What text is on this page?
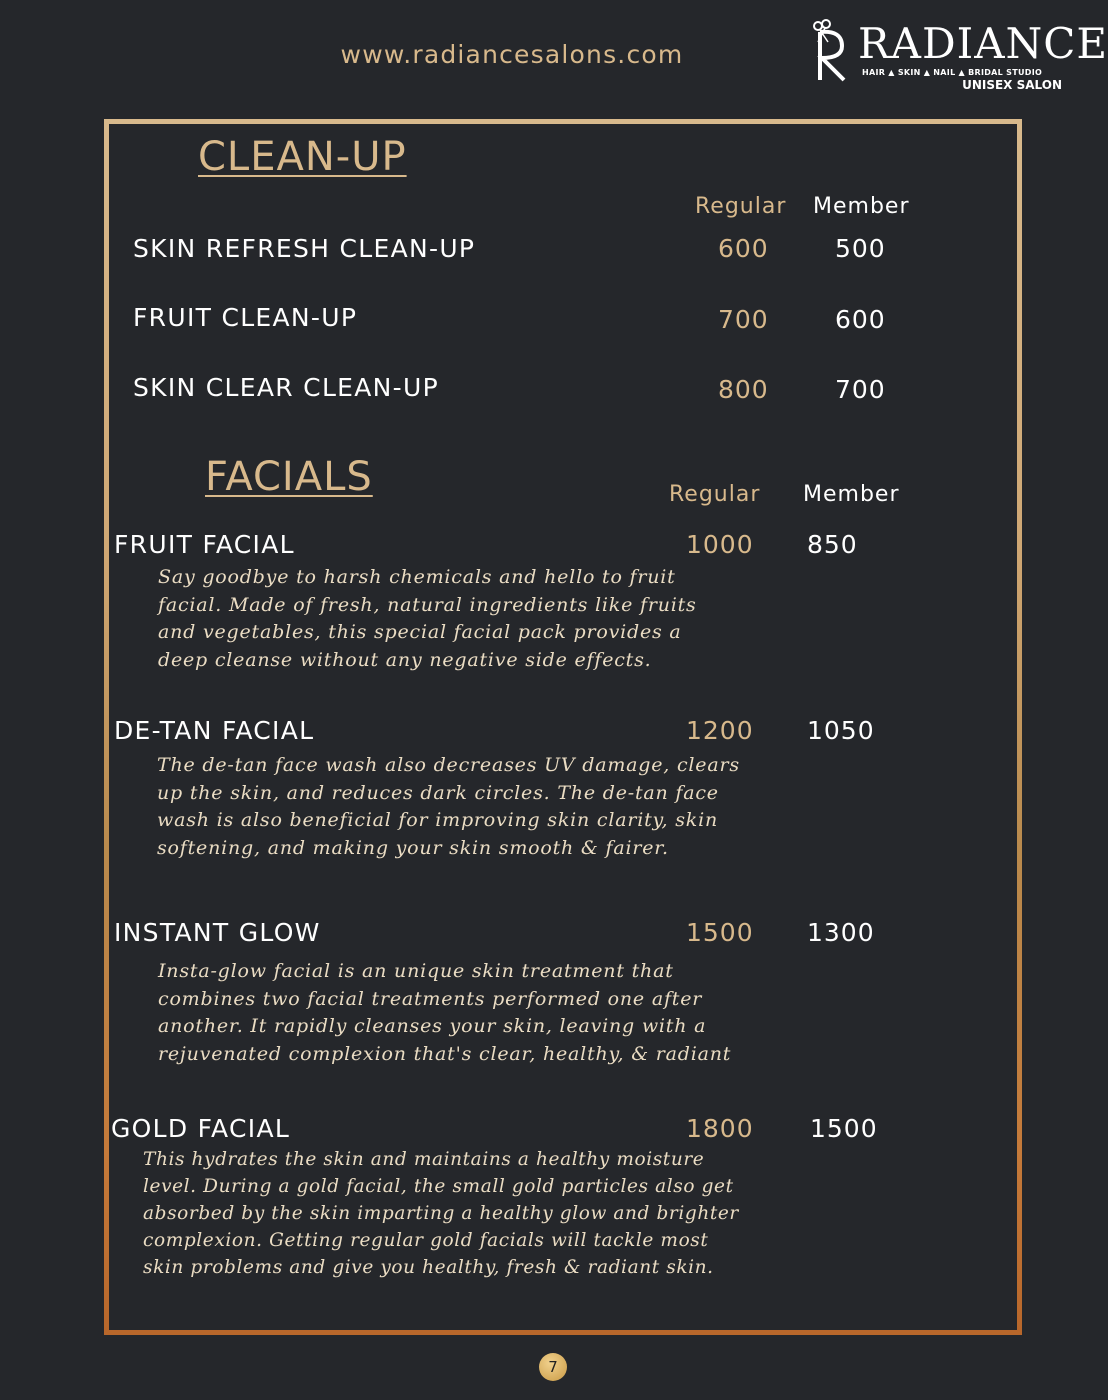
www.radiancesalons.com	RADIANCE
HAIR ▲ SKIN ▲ NAIL ▲ BRIDAL STUDIO
UNISEX SALON
CLEAN-UP
Regular Member
SKIN REFRESH CLEAN-UP	600	500
FRUIT CLEAN-UP	700	600
SKIN CLEAR CLEAN-UP	800	700
FACIALS	Regular Member
FRUIT FACIAL	1000 850
Say goodbye to harsh chemicals and hello to fruit
facial. Made of fresh, natural ingredients like fruits
and vegetables, this special facial pack provides a
deep cleanse without any negative side effects.
DE-TAN FACIAL	1200 1050
The de-tan face wash also decreases UV damage, clears
up the skin, and reduces dark circles. The de-tan face
wash is also beneficial for improving skin clarity, skin
softening, and making your skin smooth & fairer.
INSTANT GLOW	1500 1300
Insta-glow facial is an unique skin treatment that
combines two facial treatments performed one after
another. It rapidly cleanses your skin, leaving with a
rejuvenated complexion that's clear, healthy, & radiant
GOLD FACIAL	1800 1500
This hydrates the skin and maintains a healthy moisture
level. During a gold facial, the small gold particles also get
absorbed by the skin imparting a healthy glow and brighter
complexion. Getting regular gold facials will tackle most
skin problems and give you healthy, fresh & radiant skin.
7
